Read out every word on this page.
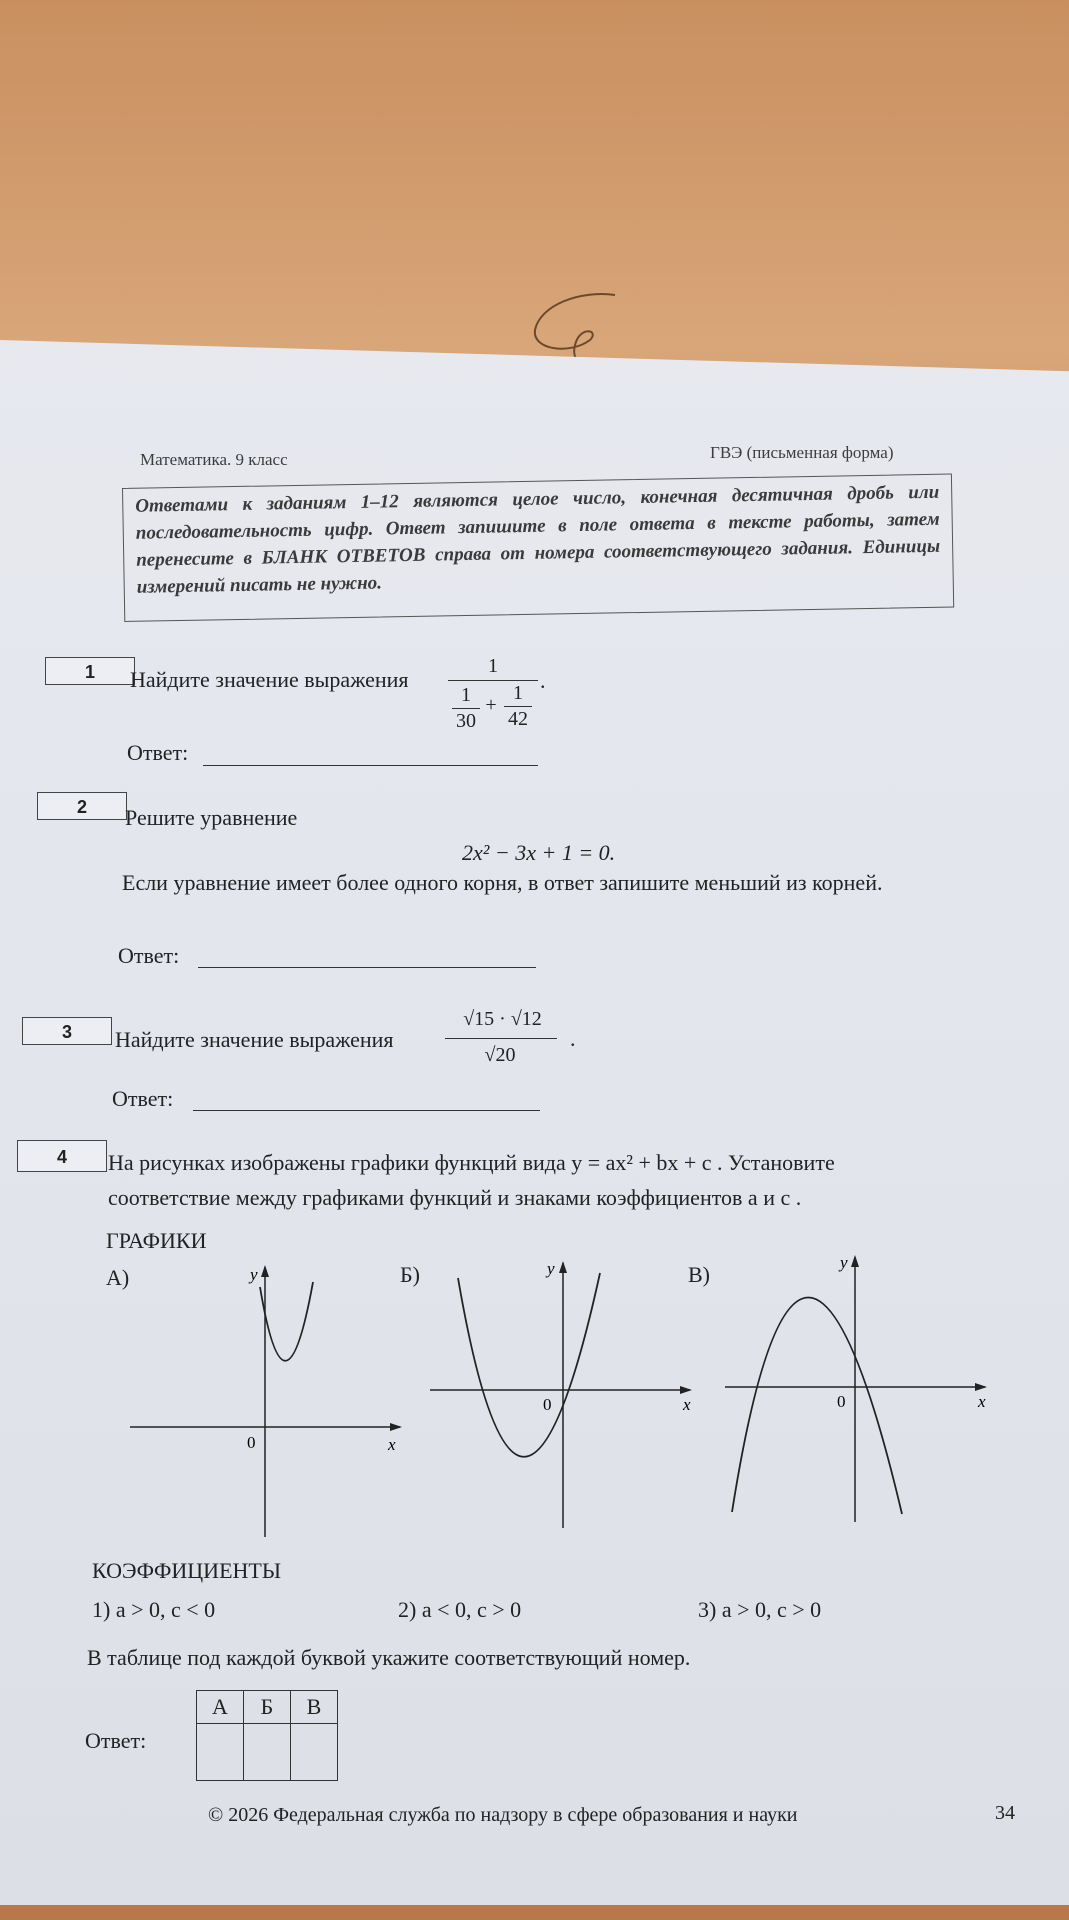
Математика. 9 класс	ГВЭ (письменная форма)
Ответами к заданиям 1–12 являются целое число, конечная десятичная дробь или последовательность цифр. Ответ запишите в поле ответа в тексте работы, затем перенесите в БЛАНК ОТВЕТОВ справа от номера соответствующего задания. Единицы измерений писать не нужно.
1	Найдите значение выражения
1
1
30
+
1
42
.
Ответ:
2	Решите уравнение
2x² − 3x + 1 = 0.
Если уравнение имеет более одного корня, в ответ запишите меньший из корней.
Ответ:
3	Найдите значение выражения
√15 · √12
√20
.
Ответ:
4	На рисунках изображены графики функций вида y = ax² + bx + c . Установите
соответствие между графиками функций и знаками коэффициентов a и c .
ГРАФИКИ
А)	Б)	В)
y
x
0
y
x
0
y
x
0
КОЭФФИЦИЕНТЫ
1) a > 0, c < 0	2) a < 0, c > 0	3) a > 0, c > 0
В таблице под каждой буквой укажите соответствующий номер.
Ответ:
А	Б	В

© 2026 Федеральная служба по надзору в сфере образования и науки	34
